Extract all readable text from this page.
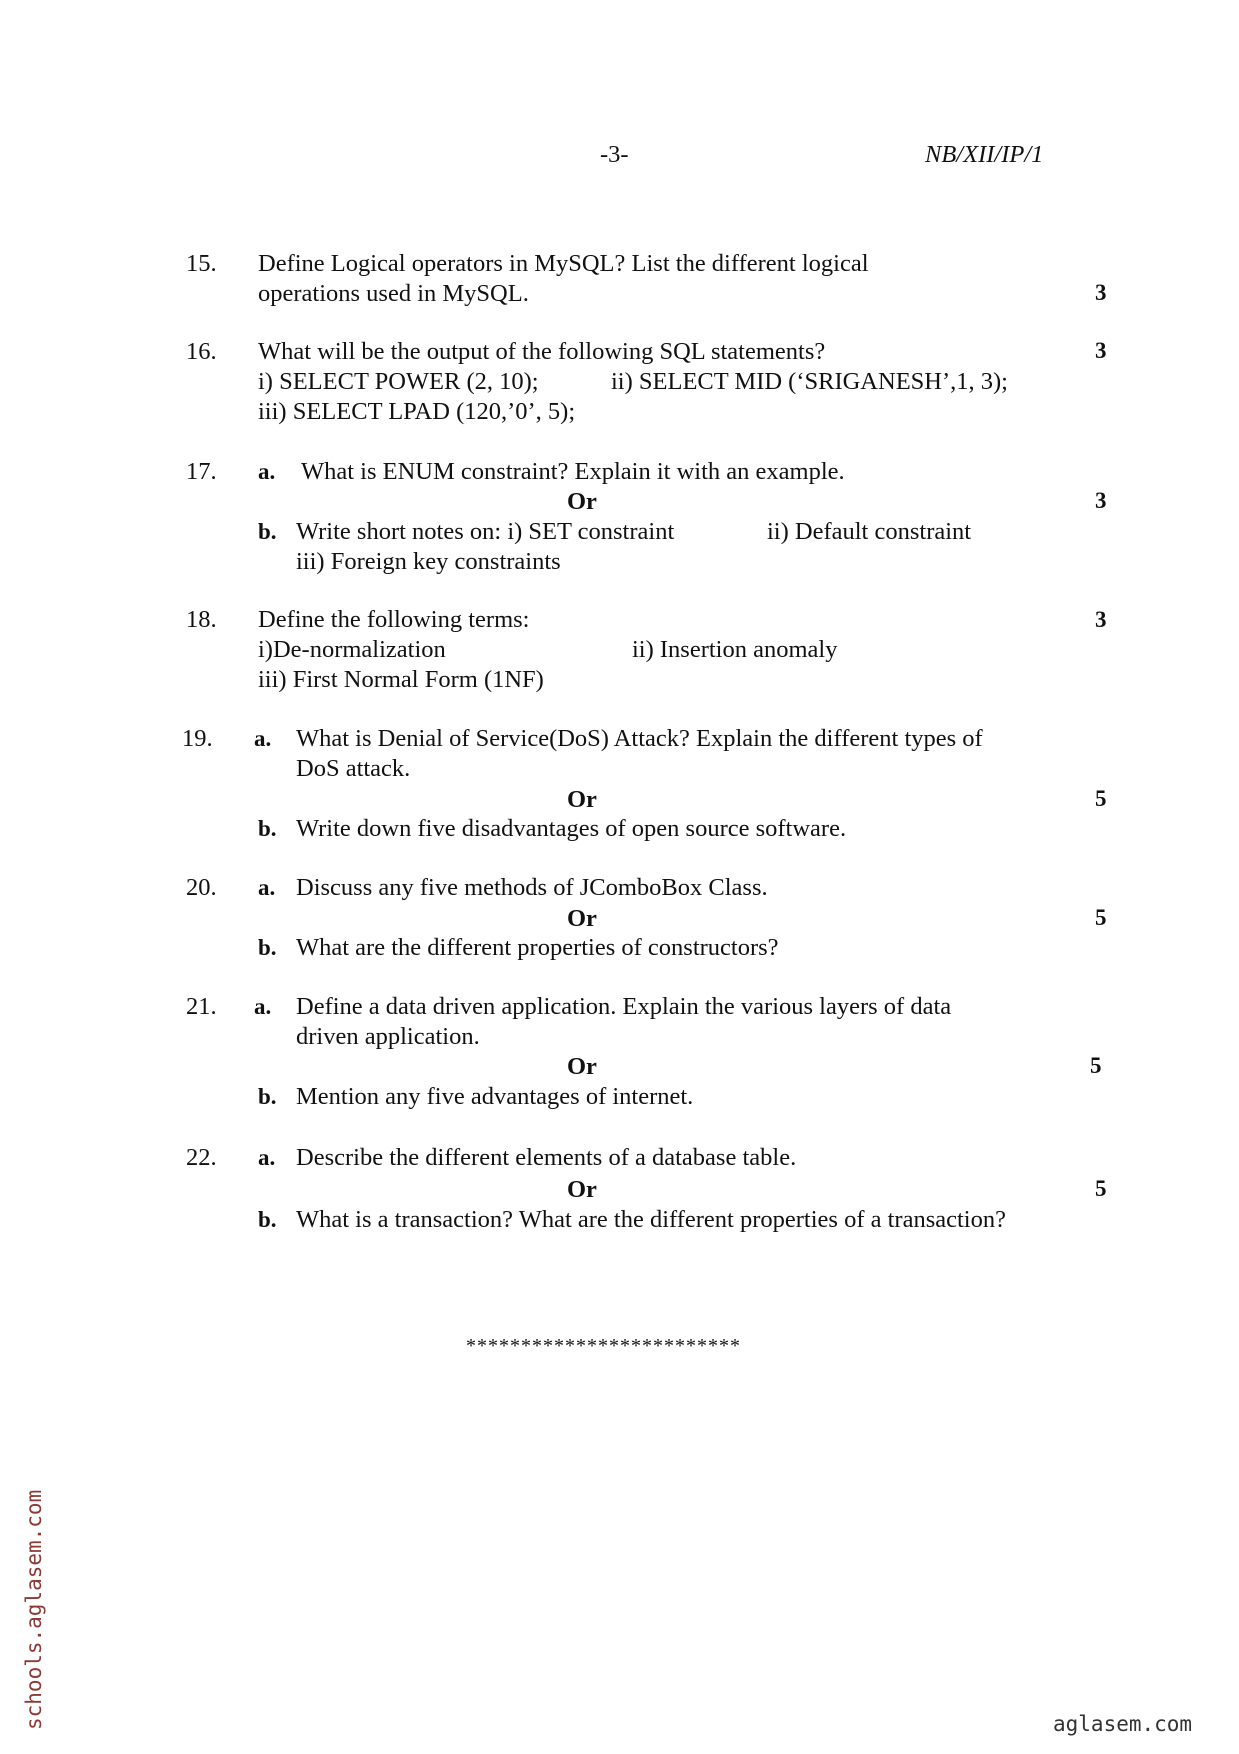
-3-	NB/XII/IP/1
15. Define Logical operators in MySQL? List the different logical
operations used in MySQL.	3
16. What will be the output of the following SQL statements?	3
i) SELECT POWER (2, 10);	ii) SELECT MID (‘SRIGANESH’,1, 3);
iii) SELECT LPAD (120,’0’, 5);
17. a. What is ENUM constraint? Explain it with an example.
Or	3
b. Write short notes on: i) SET constraint	ii) Default constraint
iii) Foreign key constraints
18. Define the following terms:	3
i)De-normalization	ii) Insertion anomaly
iii) First Normal Form (1NF)
19. a. What is Denial of Service(DoS) Attack? Explain the different types of
DoS attack.
Or	5
b. Write down five disadvantages of open source software.
20. a. Discuss any five methods of JComboBox Class.
Or	5
b. What are the different properties of constructors?
21. a. Define a data driven application. Explain the various layers of data
driven application.
Or	5
b. Mention any five advantages of internet.
22. a. Describe the different elements of a database table.
Or	5
b. What is a transaction? What are the different properties of a transaction?
*************************
schools.aglasem.com	aglasem.com
